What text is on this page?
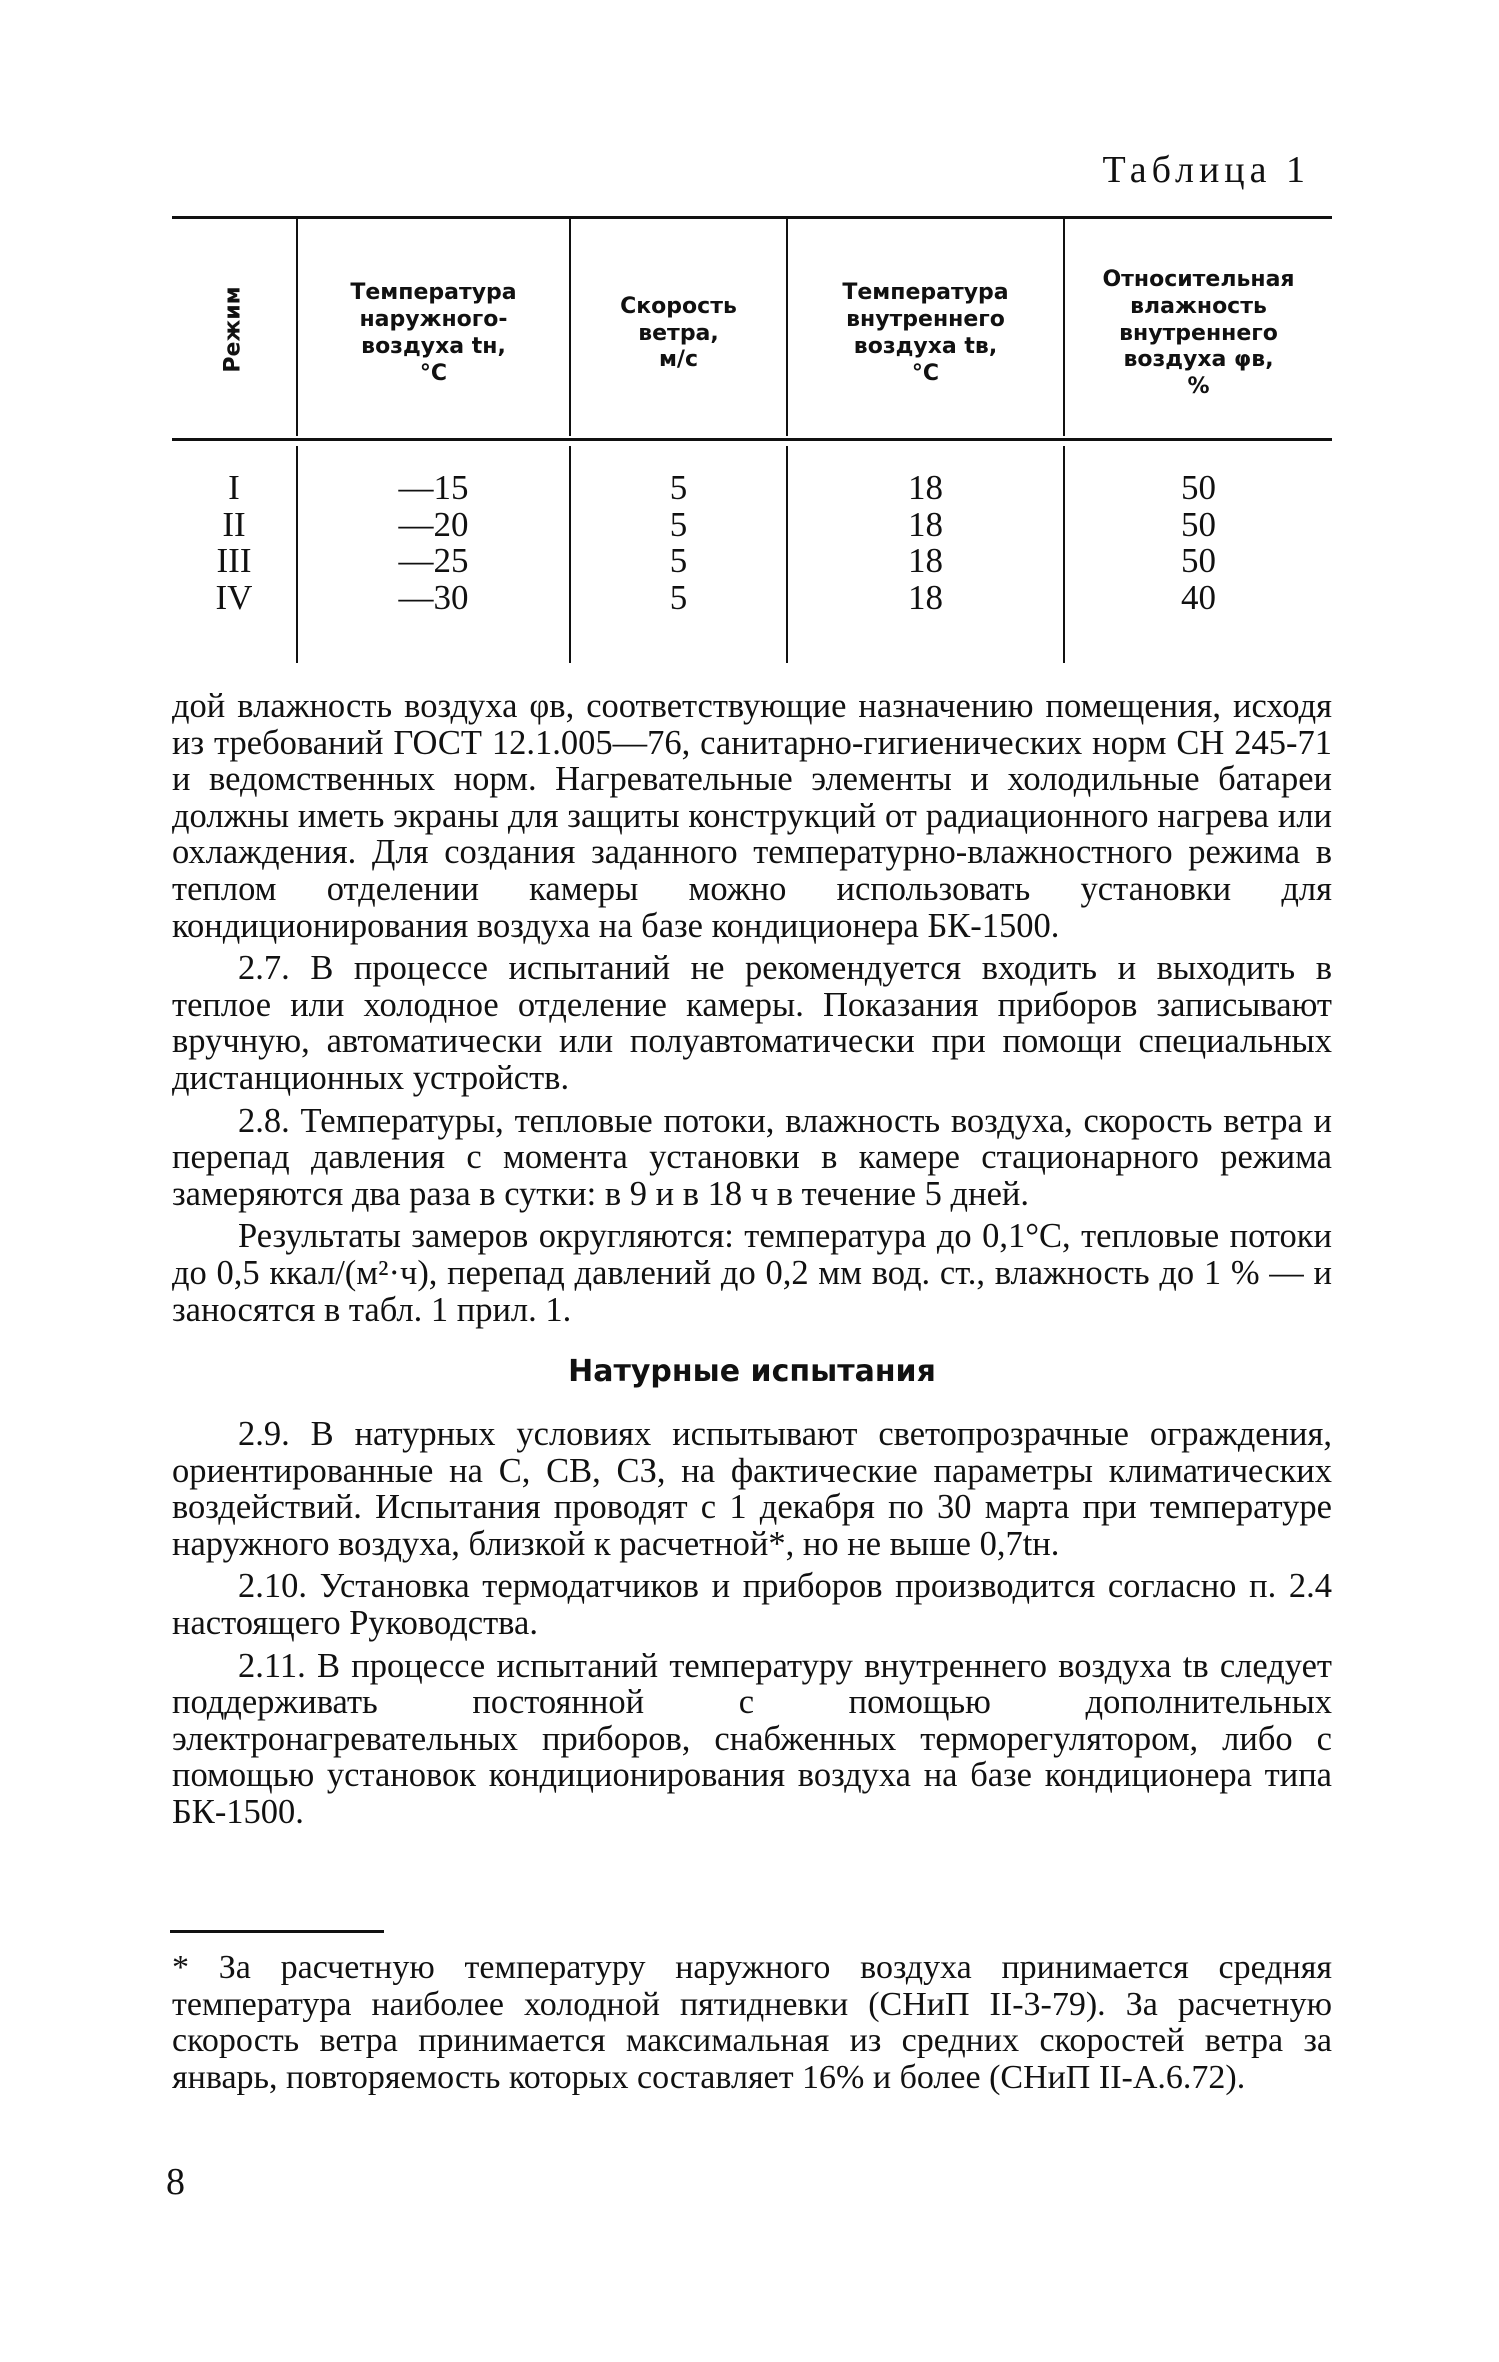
Таблица 1
Режим	Температура
наружного-
воздуха tн,
°С
Скорость
ветра,
м/с
Температура
внутреннего
воздуха tв,
°С
Относительная
влажность
внутреннего
воздуха φв,
%
I
II
III
IV
—15
—20
—25
—30
5
5
5
5
18
18
18
18
50
50
50
40

дой влажность воздуха φв, соответствующие назначению помещения, исходя из требований ГОСТ 12.1.005—76, санитарно-гигиенических норм СН 245-71 и ведомственных норм. Нагревательные элементы и холодильные батареи должны иметь экраны для защиты конструкций от радиационного нагрева или охлаждения. Для создания заданного температурно-влажностного режима в теплом отделении камеры можно использовать установки для кондиционирования воздуха на базе кондиционера БК-1500.

2.7. В процессе испытаний не рекомендуется входить и выходить в теплое или холодное отделение камеры. Показания приборов записывают вручную, автоматически или полуавтоматически при помощи специальных дистанционных устройств.

2.8. Температуры, тепловые потоки, влажность воздуха, скорость ветра и перепад давления с момента установки в камере стационарного режима замеряются два раза в сутки: в 9 и в 18 ч в течение 5 дней.

Результаты замеров округляются: температура до 0,1°С, тепловые потоки до 0,5 ккал/(м²·ч), перепад давлений до 0,2 мм вод. ст., влажность до 1 % — и заносятся в табл. 1 прил. 1.

Натурные испытания

2.9. В натурных условиях испытывают светопрозрачные ограждения, ориентированные на С, СВ, СЗ, на фактические параметры климатических воздействий. Испытания проводят с 1 декабря по 30 марта при температуре наружного воздуха, близкой к расчетной*, но не выше 0,7tн.

2.10. Установка термодатчиков и приборов производится согласно п. 2.4 настоящего Руководства.

2.11. В процессе испытаний температуру внутреннего воздуха tв следует поддерживать постоянной с помощью дополнительных электронагревательных приборов, снабженных терморегулятором, либо с помощью установок кондиционирования воздуха на базе кондиционера типа БК-1500.

* За расчетную температуру наружного воздуха принимается средняя температура наиболее холодной пятидневки (СНиП II-3-79). За расчетную скорость ветра принимается максимальная из средних скоростей ветра за январь, повторяемость которых составляет 16% и более (СНиП II-А.6.72).
8
